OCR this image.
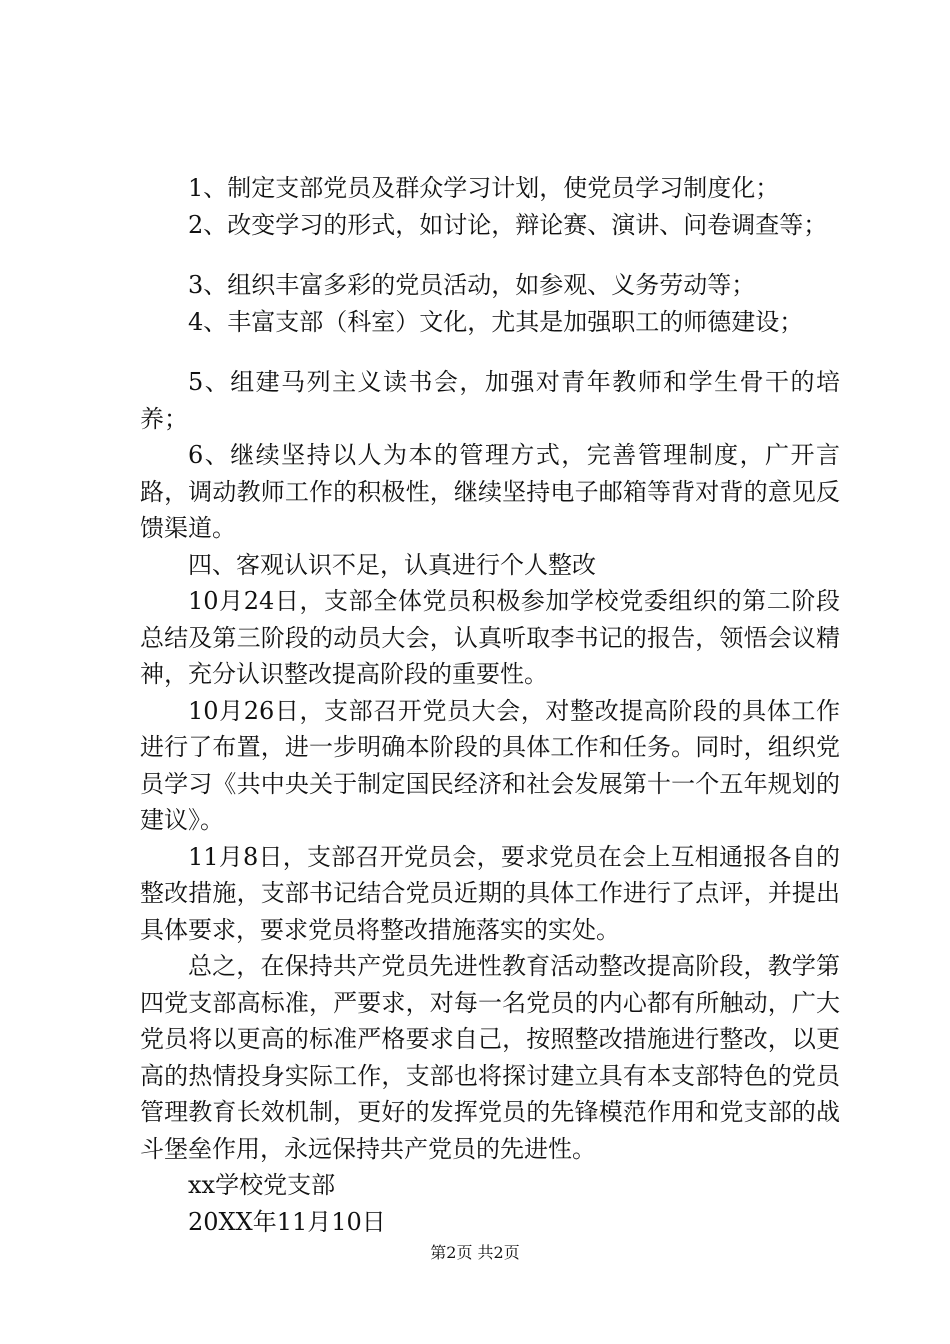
1、制定支部党员及群众学习计划，使党员学习制度化；

2、改变学习的形式，如讨论，辩论赛、演讲、问卷调查等；

3、组织丰富多彩的党员活动，如参观、义务劳动等；

4、丰富支部（科室）文化，尤其是加强职工的师德建设；

5、组建马列主义读书会，加强对青年教师和学生骨干的培养；

6、继续坚持以人为本的管理方式，完善管理制度，广开言路，调动教师工作的积极性，继续坚持电子邮箱等背对背的意见反馈渠道。

四、客观认识不足，认真进行个人整改

10月24日，支部全体党员积极参加学校党委组织的第二阶段总结及第三阶段的动员大会，认真听取李书记的报告，领悟会议精神，充分认识整改提高阶段的重要性。

10月26日，支部召开党员大会，对整改提高阶段的具体工作进行了布置，进一步明确本阶段的具体工作和任务。同时，组织党员学习《共中央关于制定国民经济和社会发展第十一个五年规划的建议》。

11月8日，支部召开党员会，要求党员在会上互相通报各自的整改措施，支部书记结合党员近期的具体工作进行了点评，并提出具体要求，要求党员将整改措施落实的实处。

总之，在保持共产党员先进性教育活动整改提高阶段，教学第四党支部高标准，严要求，对每一名党员的内心都有所触动，广大党员将以更高的标准严格要求自己，按照整改措施进行整改，以更高的热情投身实际工作，支部也将探讨建立具有本支部特色的党员管理教育长效机制，更好的发挥党员的先锋模范作用和党支部的战斗堡垒作用，永远保持共产党员的先进性。

xx学校党支部

20XX年11月10日

第2页 共2页
